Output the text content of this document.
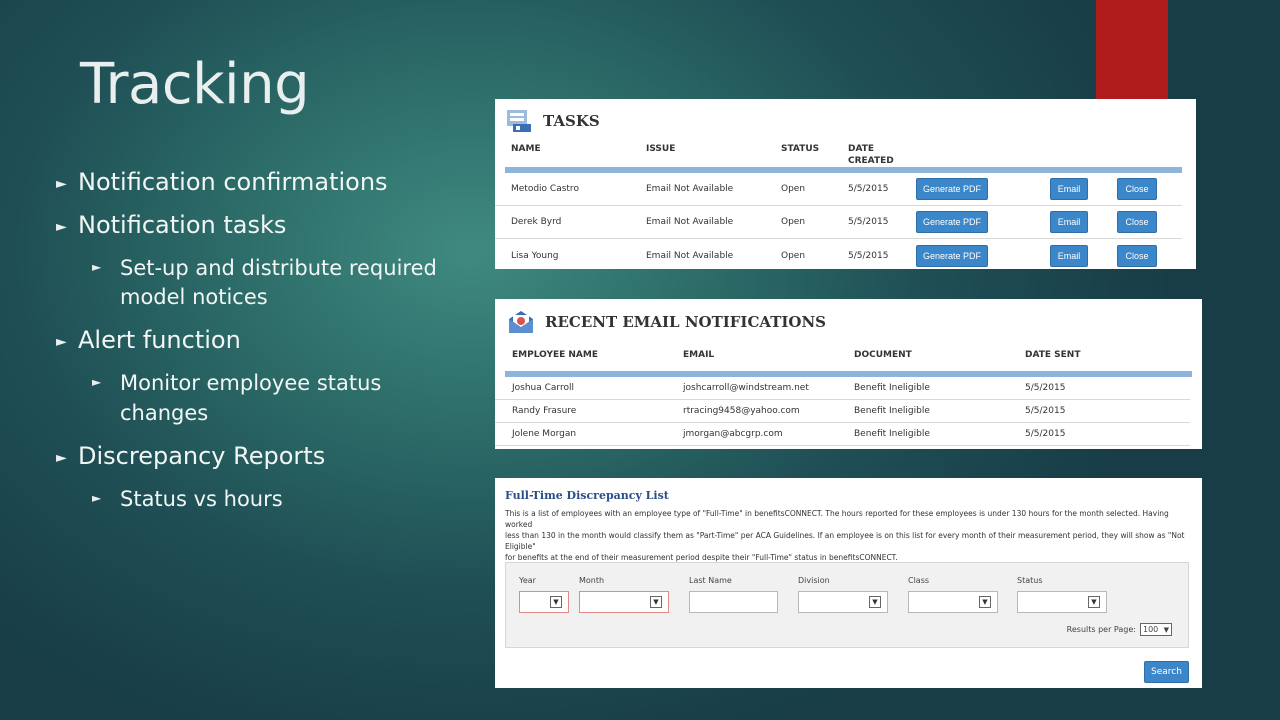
Tracking
► Notification confirmations
► Notification tasks
► Set-up and distribute required model notices
► Alert function
► Monitor employee status changes
► Discrepancy Reports
► Status vs hours
TASKS
NAME	ISSUE	STATUS	DATE CREATED
Metodio Castro	Email Not Available	Open	5/5/2015	Generate PDF	Email	Close
Derek Byrd	Email Not Available	Open	5/5/2015	Generate PDF	Email	Close
Lisa Young	Email Not Available	Open	5/5/2015	Generate PDF	Email	Close
RECENT EMAIL NOTIFICATIONS
EMPLOYEE NAME	EMAIL	DOCUMENT	DATE SENT
Joshua Carroll	joshcarroll@windstream.net	Benefit Ineligible	5/5/2015
Randy Frasure	rtracing9458@yahoo.com	Benefit Ineligible	5/5/2015
Jolene Morgan	jmorgan@abcgrp.com	Benefit Ineligible	5/5/2015
Full-Time Discrepancy List
This is a list of employees with an employee type of "Full-Time" in benefitsCONNECT. The hours reported for these employees is under 130 hours for the month selected. Having worked
less than 130 in the month would classify them as "Part-Time" per ACA Guidelines. If an employee is on this list for every month of their measurement period, they will show as "Not Eligible"
for benefits at the end of their measurement period despite their "Full-Time" status in benefitsCONNECT.
Year
▼
Month
▼
Last Name	Division
▼
Class
▼
Status
▼
Results per Page: 100 ▼
Search
